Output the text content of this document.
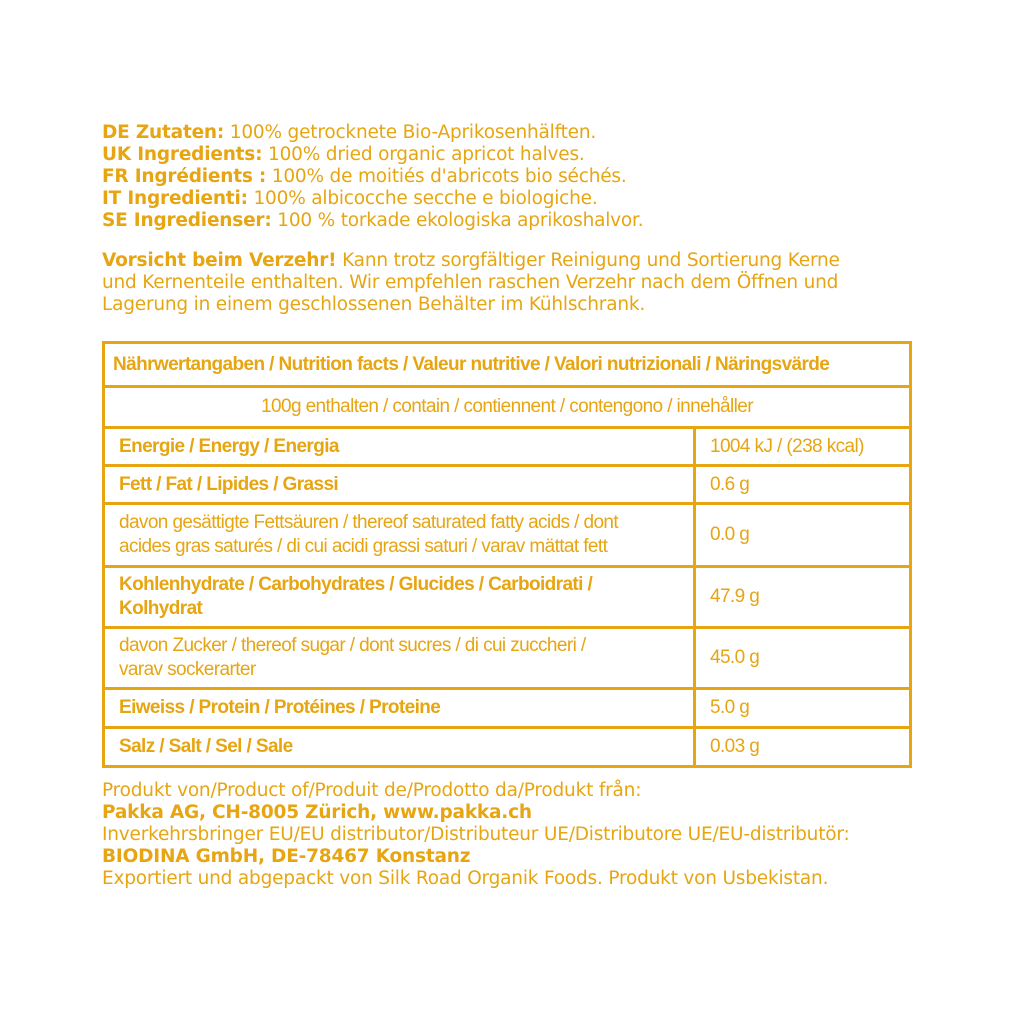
DE Zutaten: 100% getrocknete Bio-Aprikosenhälften.
UK Ingredients: 100% dried organic apricot halves.
FR Ingrédients : 100% de moitiés d'abricots bio séchés.
IT Ingredienti: 100% albicocche secche e biologiche.
SE Ingredienser: 100 % torkade ekologiska aprikoshalvor.
Vorsicht beim Verzehr! Kann trotz sorgfältiger Reinigung und Sortierung Kerne
und Kernenteile enthalten. Wir empfehlen raschen Verzehr nach dem Öffnen und
Lagerung in einem geschlossenen Behälter im Kühlschrank.
Nährwertangaben / Nutrition facts / Valeur nutritive / Valori nutrizionali / Näringsvärde	
100g enthalten / contain / contiennent / contengono / innehåller	
Energie / Energy / Energia	1004 kJ / (238 kcal)
Fett / Fat / Lipides / Grassi	0.6 g
davon gesättigte Fettsäuren / thereof saturated fatty acids / dont
acides gras saturés / di cui acidi grassi saturi / varav mättat fett	0.0 g
Kohlenhydrate / Carbohydrates / Glucides / Carboidrati /
Kolhydrat	47.9 g
davon Zucker / thereof sugar / dont sucres / di cui zuccheri /
varav sockerarter	45.0 g
Eiweiss / Protein / Protéines / Proteine	5.0 g
Salz / Salt / Sel / Sale	0.03 g
Produkt von/Product of/Produit de/Prodotto da/Produkt från:
Pakka AG, CH-8005 Zürich, www.pakka.ch
Inverkehrsbringer EU/EU distributor/Distributeur UE/Distributore UE/EU-distributör:
BIODINA GmbH, DE-78467 Konstanz
Exportiert und abgepackt von Silk Road Organik Foods. Produkt von Usbekistan.
